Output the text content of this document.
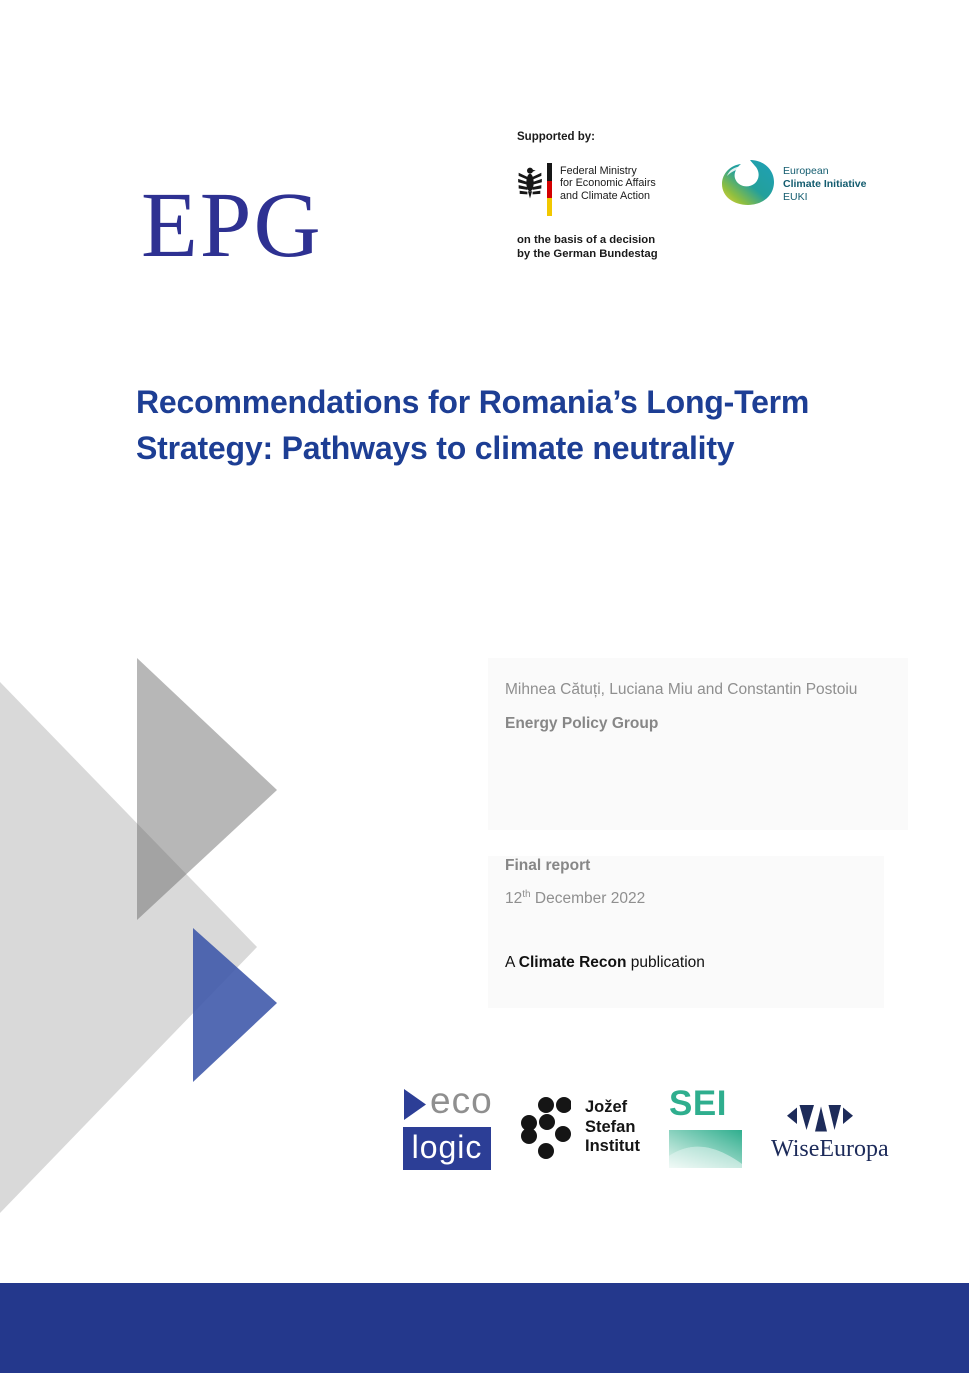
EPG
Supported by:
Federal Ministry
for Economic Affairs
and Climate Action
on the basis of a decision
by the German Bundestag
European
Climate Initiative
EUKI
Recommendations for Romania’s Long-Term
Strategy: Pathways to climate neutrality
Mihnea Cătuți, Luciana Miu and Constantin Postoiu
Energy Policy Group
Final report
12th December 2022
A Climate Recon publication
eco
logic
Jožef
Stefan
Institut
SEI
WiseEuropa
